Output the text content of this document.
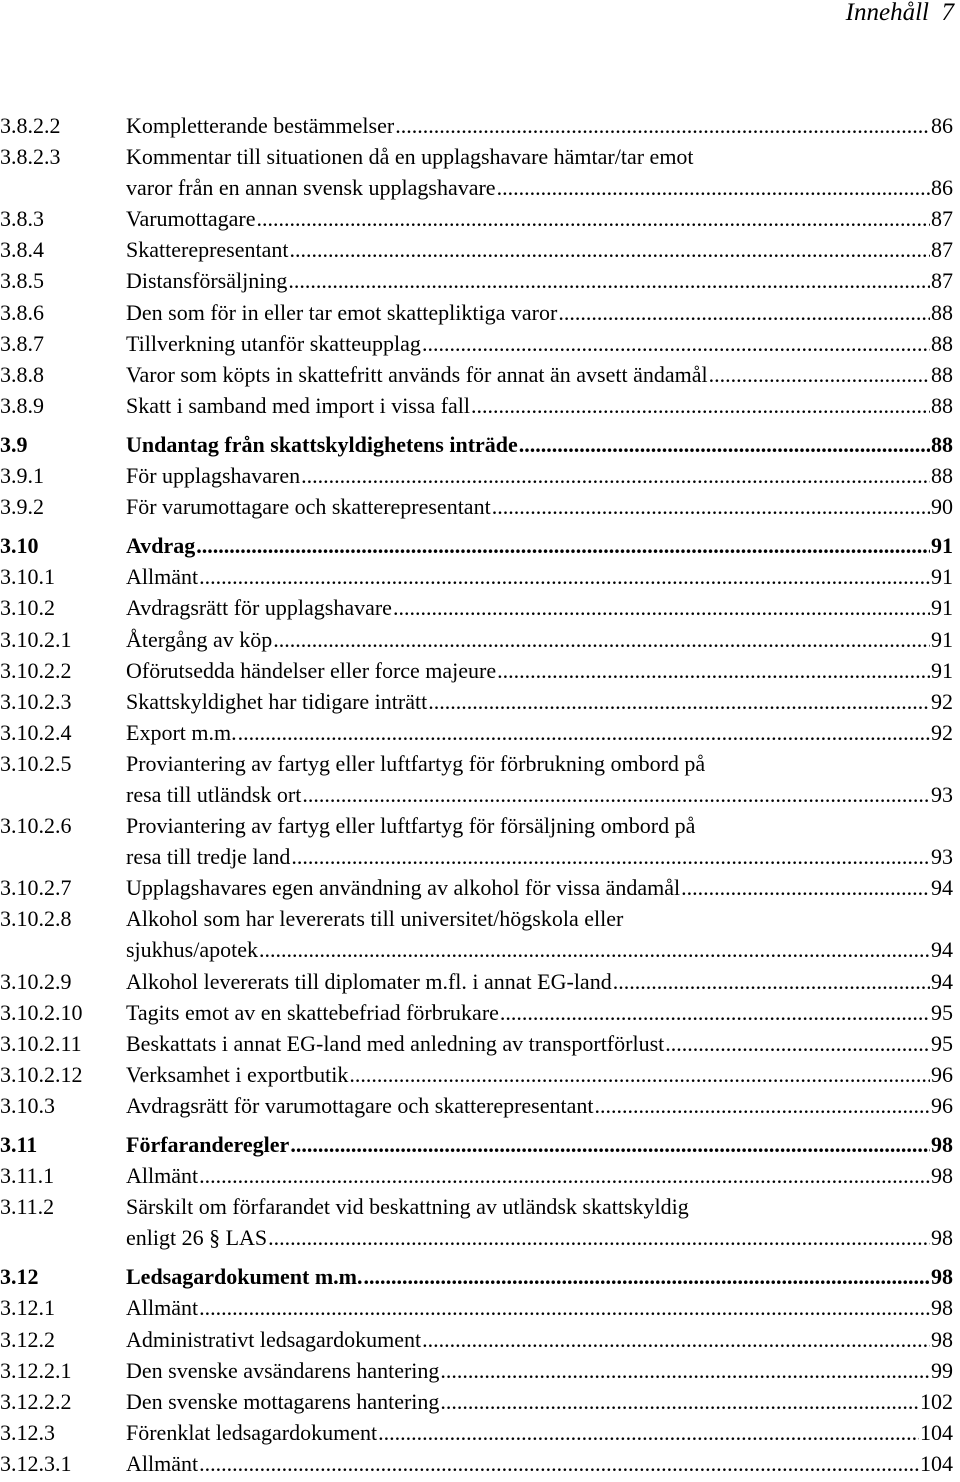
Innehåll 7
3.8.2.2	Kompletterande bestämmelser .....	86
3.8.2.3	Kommentar till situationen då en upplagshavare hämtar/tar emot
varor från en annan svensk upplagshavare .....	86
3.8.3	Varumottagare .....	87
3.8.4	Skatterepresentant .....	87
3.8.5	Distansförsäljning .....	87
3.8.6	Den som för in eller tar emot skattepliktiga varor .....	88
3.8.7	Tillverkning utanför skatteupplag .....	88
3.8.8	Varor som köpts in skattefritt används för annat än avsett ändamål .....	88
3.8.9	Skatt i samband med import i vissa fall .....	88
3.9	Undantag från skattskyldighetens inträde .....	88
3.9.1	För upplagshavaren .....	88
3.9.2	För varumottagare och skatterepresentant .....	90
3.10	Avdrag .....	91
3.10.1	Allmänt .....	91
3.10.2	Avdragsrätt för upplagshavare .....	91
3.10.2.1	Återgång av köp .....	91
3.10.2.2	Oförutsedda händelser eller force majeure .....	91
3.10.2.3	Skattskyldighet har tidigare inträtt .....	92
3.10.2.4	Export m.m. .....	92
3.10.2.5	Proviantering av fartyg eller luftfartyg för förbrukning ombord på
resa till utländsk ort .....	93
3.10.2.6	Proviantering av fartyg eller luftfartyg för försäljning ombord på
resa till tredje land .....	93
3.10.2.7	Upplagshavares egen användning av alkohol för vissa ändamål .....	94
3.10.2.8	Alkohol som har levererats till universitet/högskola eller
sjukhus/apotek .....	94
3.10.2.9	Alkohol levererats till diplomater m.fl. i annat EG-land .....	94
3.10.2.10	Tagits emot av en skattebefriad förbrukare .....	95
3.10.2.11	Beskattats i annat EG-land med anledning av transportförlust .....	95
3.10.2.12	Verksamhet i exportbutik .....	96
3.10.3	Avdragsrätt för varumottagare och skatterepresentant .....	96
3.11	Förfaranderegler .....	98
3.11.1	Allmänt .....	98
3.11.2	Särskilt om förfarandet vid beskattning av utländsk skattskyldig
enligt 26 § LAS .....	98
3.12	Ledsagardokument m.m. .....	98
3.12.1	Allmänt .....	98
3.12.2	Administrativt ledsagardokument .....	98
3.12.2.1	Den svenske avsändarens hantering .....	99
3.12.2.2	Den svenske mottagarens hantering .....	102
3.12.3	Förenklat ledsagardokument .....	104
3.12.3.1	Allmänt .....	104
